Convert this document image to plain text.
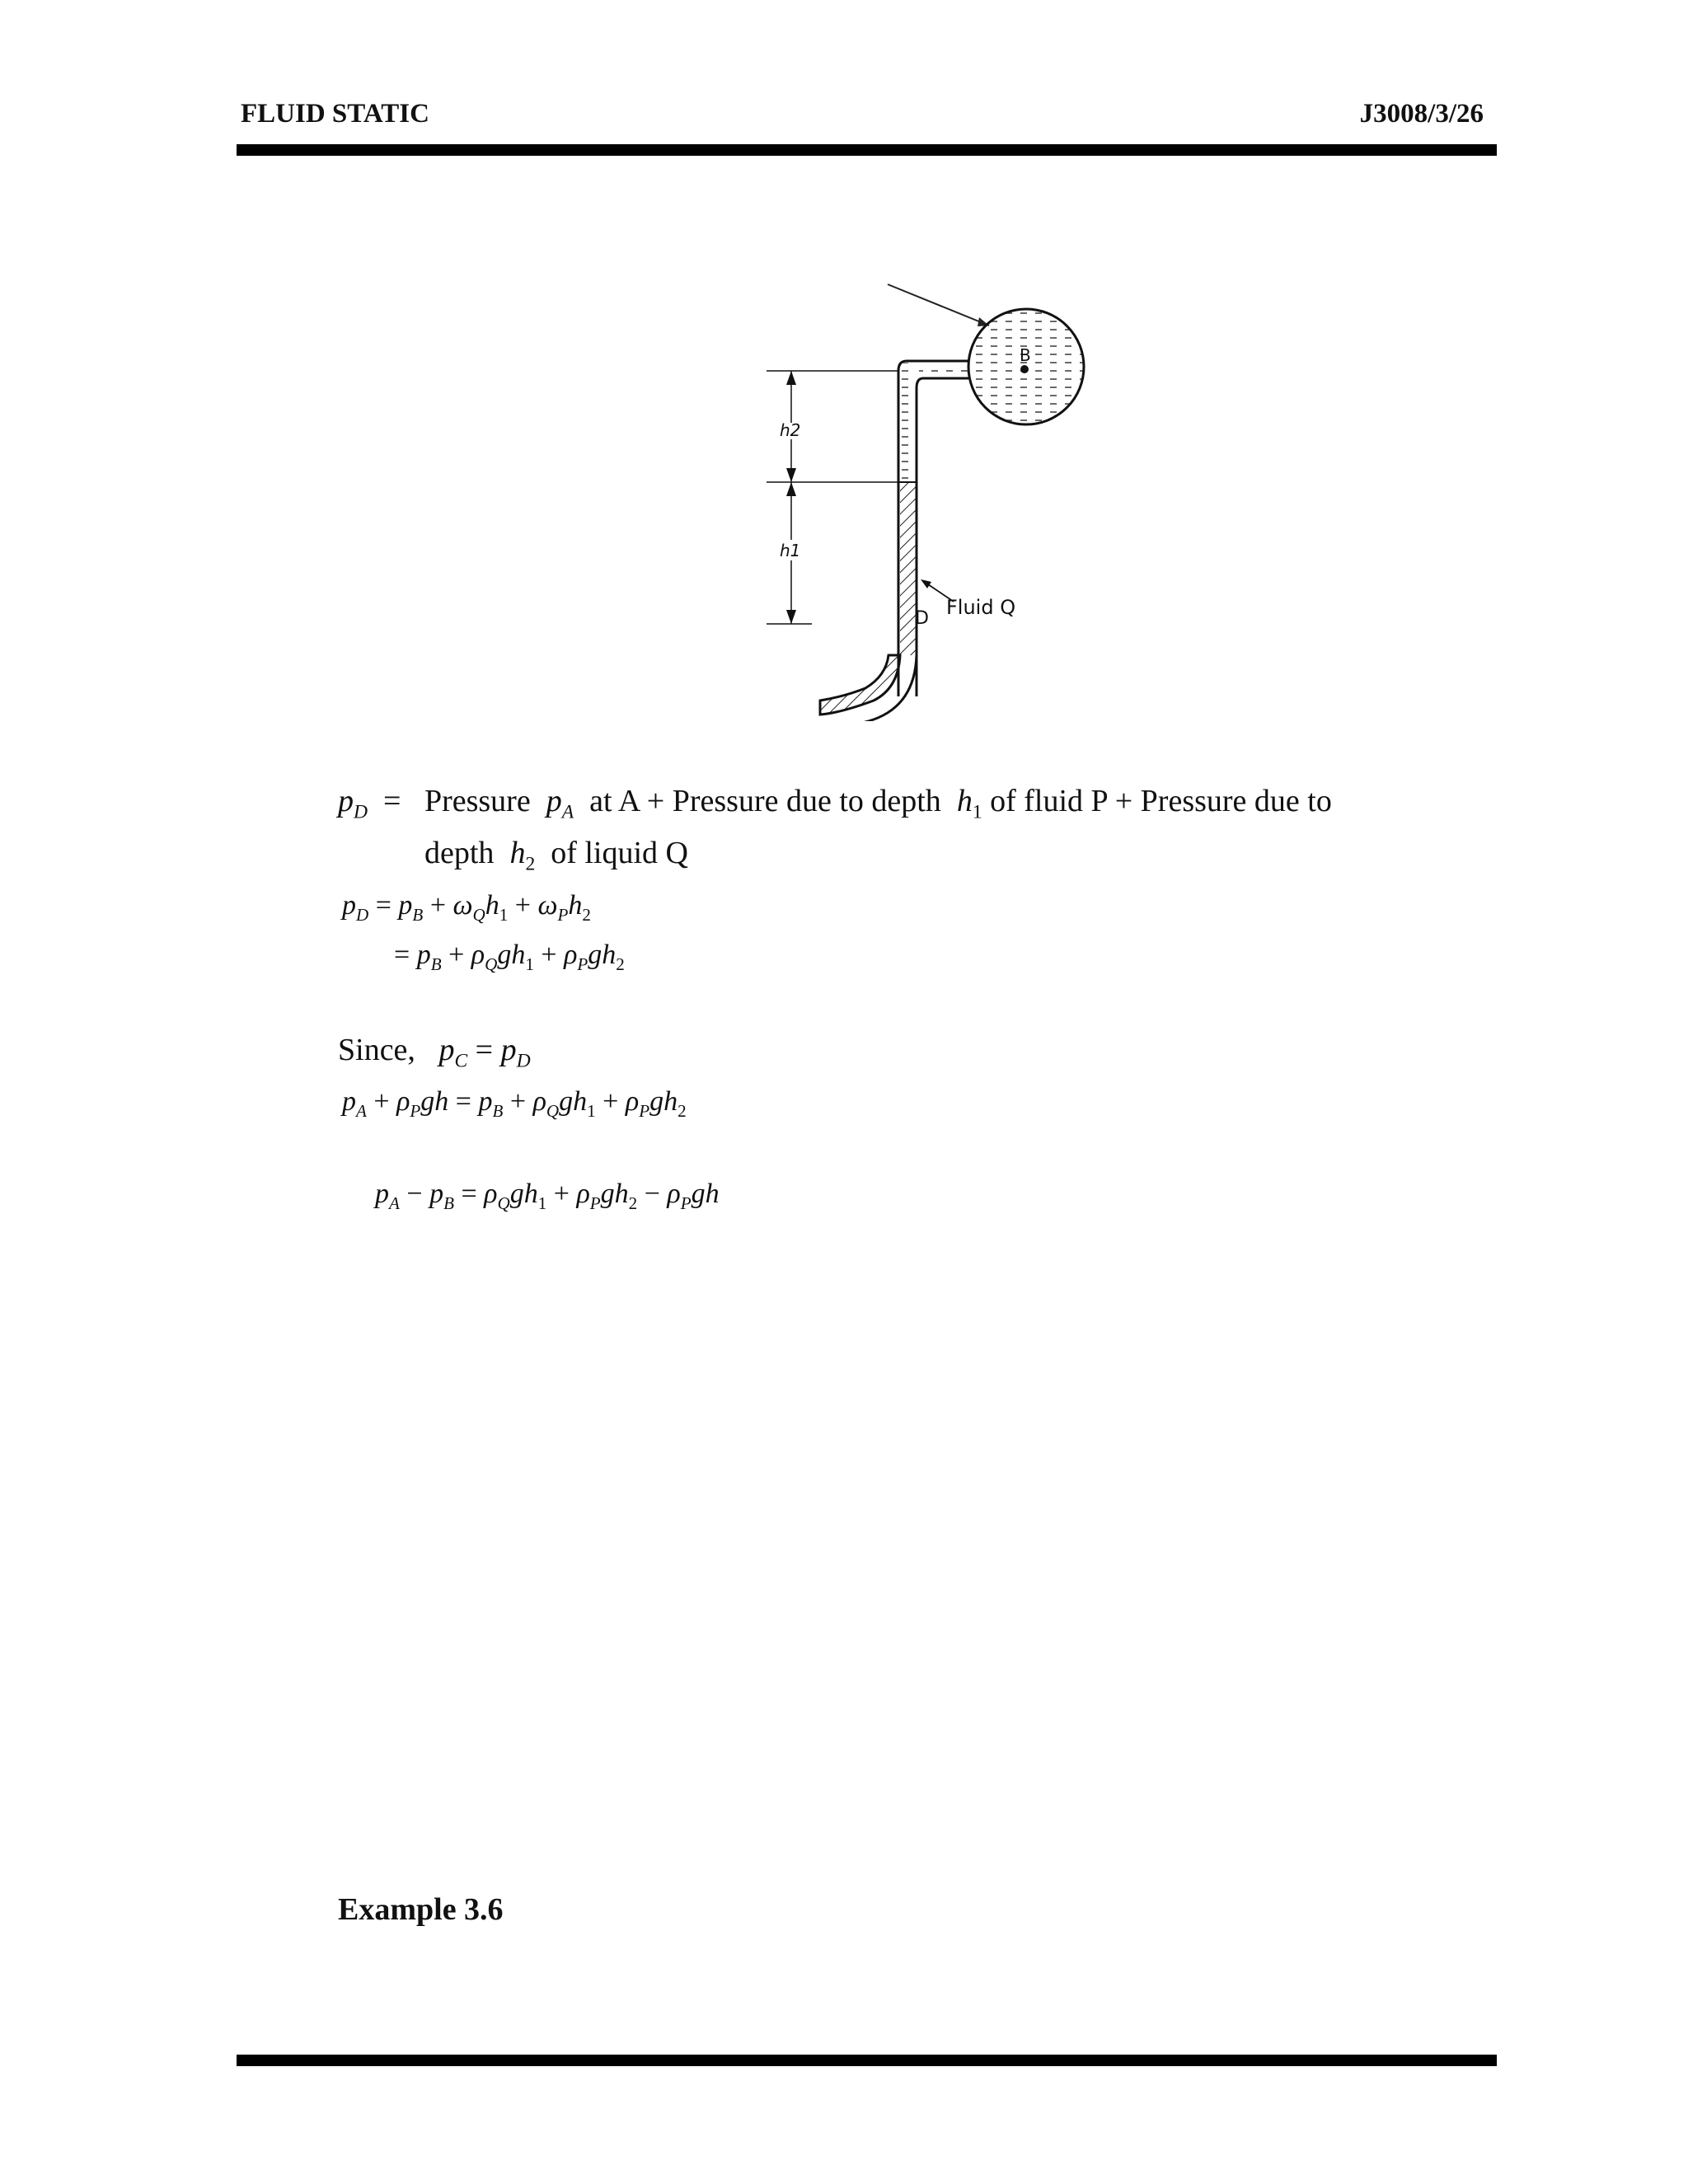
FLUID STATIC	J3008/3/26
B
h2
h1
D Fluid Q
$p_D$  =   Pressure $p_A$ at A + Pressure due to depth $h_1$ of fluid P + Pressure due to
depth $h_2$ of liquid Q
$p_D = p_B + \omega_Qh_1 + \omega_Ph_2$
= $p_B + \rho_Qgh_1 + \rho_Pgh_2$
Since, $p_C = p_D$
$p_A + \rho_Pgh = p_B + \rho_Qgh_1 + \rho_Pgh_2$
$p_A - p_B = \rho_Qgh_1 + \rho_Pgh_2 - \rho_Pgh$
Example 3.6
